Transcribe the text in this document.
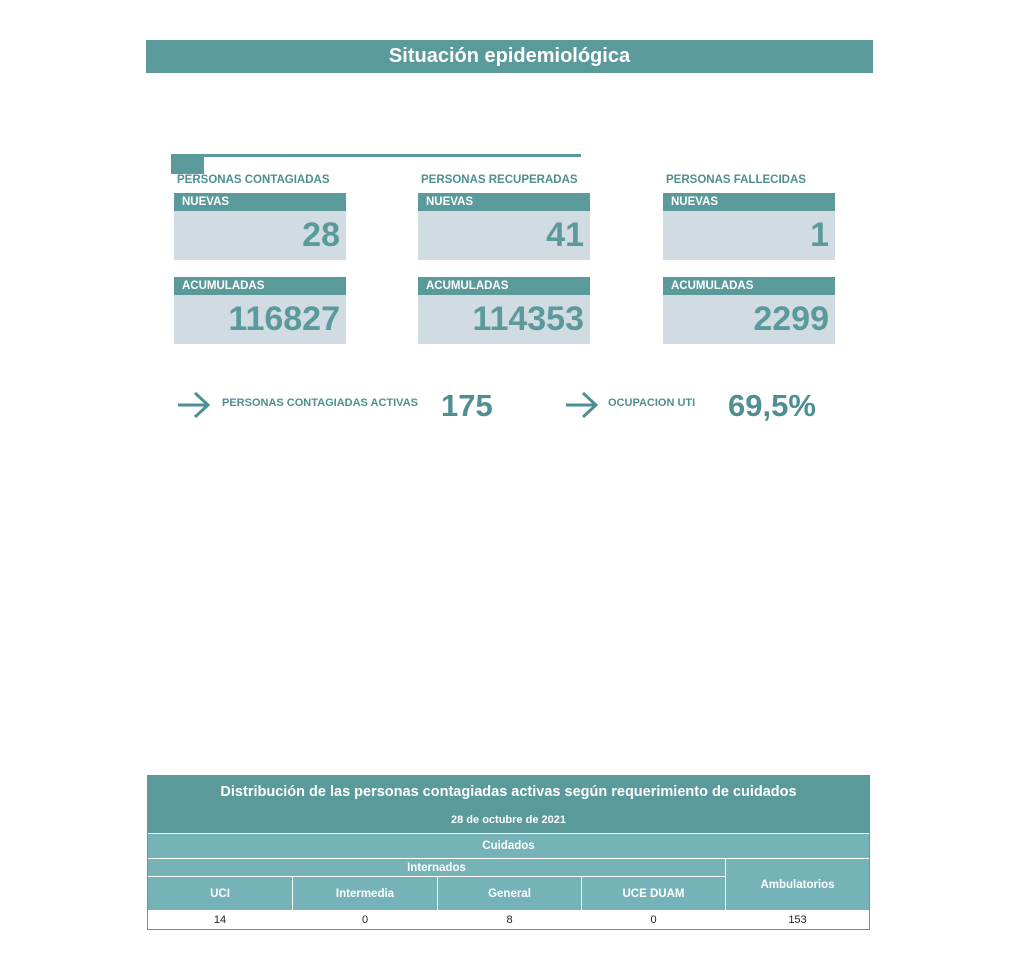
Situación epidemiológica
PERSONAS CONTAGIADAS
NUEVAS
28
ACUMULADAS
116827
PERSONAS RECUPERADAS
NUEVAS
41
ACUMULADAS
114353
PERSONAS FALLECIDAS
NUEVAS
1
ACUMULADAS
2299
PERSONAS CONTAGIADAS ACTIVAS 175	OCUPACION UTI 69,5%
Distribución de las personas contagiadas activas según requerimiento de cuidados
28 de octubre de 2021
Cuidados
Internados
Ambulatorios
UCI	Intermedia	General	UCE DUAM
14	0	8	0	153
